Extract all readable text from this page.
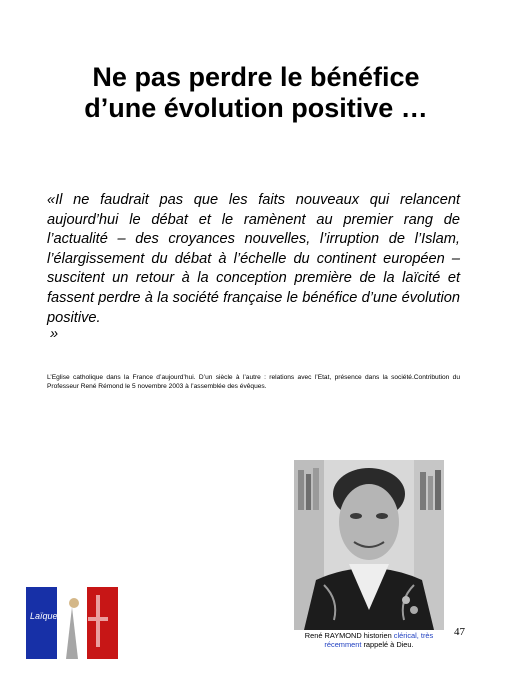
Ne pas perdre le bénéfice
d’une évolution positive …
«Il ne faudrait pas que les faits nouveaux qui relancent aujourd’hui le débat et le ramènent au premier rang de l’actualité – des croyances nouvelles, l’irruption de l’Islam, l’élargissement du débat à l’échelle du continent européen – suscitent un retour à la conception première de la laïcité et fassent perdre à la société française le bénéfice d’une évolution positive.
»
L’Eglise catholique dans la France d’aujourd’hui. D’un siècle à l’autre : relations avec l’Etat, présence dans la société.Contribution du Professeur René Rémond le 5 novembre 2003 à l’assemblée des évêques.
René RAYMOND historien clérical, très récemment rappelé à Dieu.
47
Laïque
